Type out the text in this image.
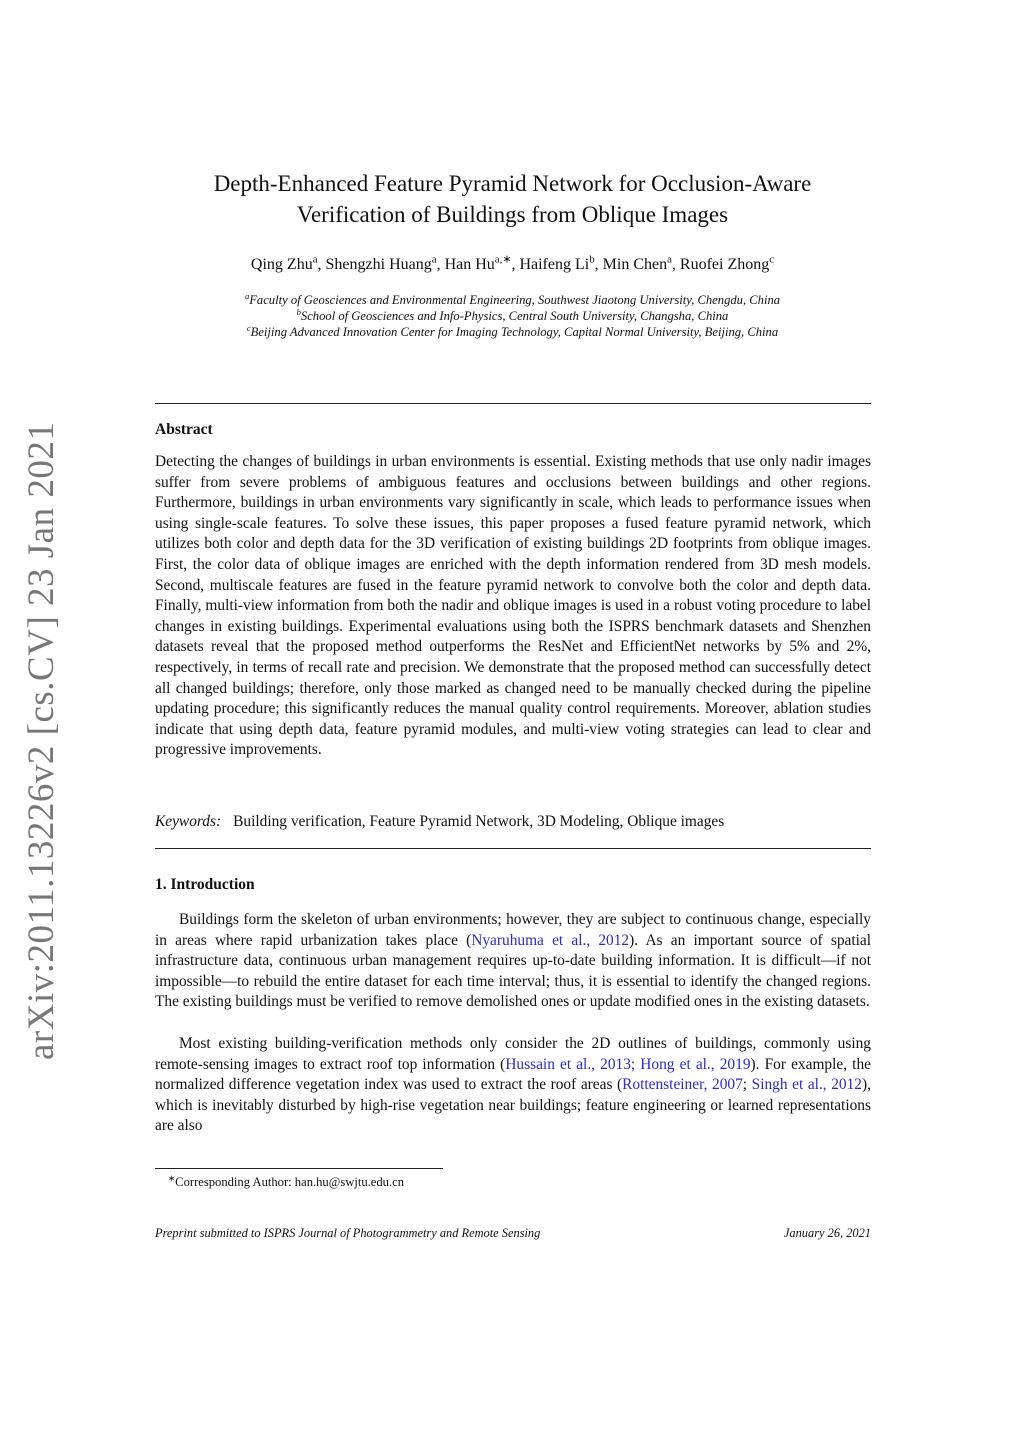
arXiv:2011.13226v2 [cs.CV] 23 Jan 2021
Depth-Enhanced Feature Pyramid Network for Occlusion-Aware
Verification of Buildings from Oblique Images
Qing Zhu$^a$, Shengzhi Huang$^a$, Han $Hu^{a,∗}$, Haifeng Li$^b$, Min Chen$^a$, Ruofei Zhong$^c$
$^a$Faculty of Geosciences and Environmental Engineering, Southwest Jiaotong University, Chengdu, China
$^b$School of Geosciences and Info-Physics, Central South University, Changsha, China
$^c$Beijing Advanced Innovation Center for Imaging Technology, Capital Normal University, Beijing, China
Abstract
Detecting the changes of buildings in urban environments is essential. Existing methods that use only nadir images suffer from severe problems of ambiguous features and occlusions between buildings and other regions. Furthermore, buildings in urban environments vary significantly in scale, which leads to performance issues when using single-scale features. To solve these issues, this paper proposes a fused feature pyramid network, which utilizes both color and depth data for the 3D verification of existing buildings 2D footprints from oblique images. First, the color data of oblique images are enriched with the depth information rendered from 3D mesh models. Second, multiscale features are fused in the feature pyramid network to convolve both the color and depth data. Finally, multi-view information from both the nadir and oblique images is used in a robust voting procedure to label changes in existing buildings. Experimental evaluations using both the ISPRS benchmark datasets and Shenzhen datasets reveal that the proposed method outperforms the ResNet and EfficientNet networks by 5% and 2%, respectively, in terms of recall rate and precision. We demonstrate that the proposed method can successfully detect all changed buildings; therefore, only those marked as changed need to be manually checked during the pipeline updating procedure; this significantly reduces the manual quality control requirements. Moreover, ablation studies indicate that using depth data, feature pyramid modules, and multi-view voting strategies can lead to clear and progressive improvements.
Keywords: Building verification, Feature Pyramid Network, 3D Modeling, Oblique images
1. Introduction
Buildings form the skeleton of urban environments; however, they are subject to continuous change, especially in areas where rapid urbanization takes place (Nyaruhuma et al., 2012). As an important source of spatial infrastructure data, continuous urban management requires up-to-date building information. It is difficult—if not impossible—to rebuild the entire dataset for each time interval; thus, it is essential to identify the changed regions. The existing buildings must be verified to remove demolished ones or update modified ones in the existing datasets.
Most existing building-verification methods only consider the 2D outlines of buildings, commonly using remote-sensing images to extract roof top information (Hussain et al., 2013; Hong et al., 2019). For example, the normalized difference vegetation index was used to extract the roof areas (Rottensteiner, 2007; Singh et al., 2012), which is inevitably disturbed by high-rise vegetation near buildings; feature engineering or learned representations are also
∗Corresponding Author: han.hu@swjtu.edu.cn
Preprint submitted to ISPRS Journal of Photogrammetry and Remote Sensing	January 26, 2021
